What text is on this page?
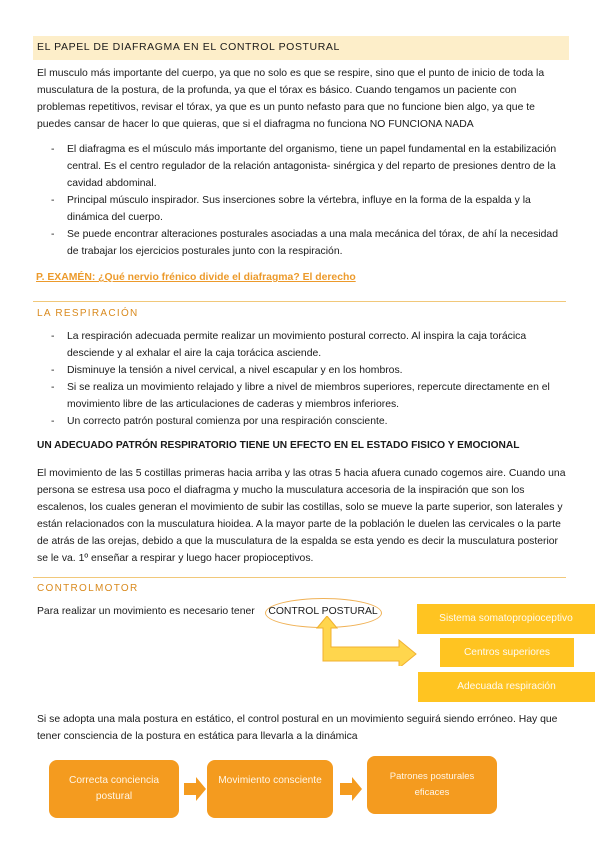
EL PAPEL DE DIAFRAGMA EN EL CONTROL POSTURAL

El musculo más importante del cuerpo, ya que no solo es que se respire, sino que el punto de inicio de toda la musculatura de la postura, de la profunda, ya que el tórax es básico. Cuando tengamos un paciente con problemas repetitivos, revisar el tórax, ya que es un punto nefasto para que no funcione bien algo, ya que te puedes cansar de hacer lo que quieras, que si el diafragma no funciona NO FUNCIONA NADA

- El diafragma es el músculo más importante del organismo, tiene un papel fundamental en la estabilización central. Es el centro regulador de la relación antagonista- sinérgica y del reparto de presiones dentro de la cavidad abdominal.
- Principal músculo inspirador. Sus inserciones sobre la vértebra, influye en la forma de la espalda y la dinámica del cuerpo.
- Se puede encontrar alteraciones posturales asociadas a una mala mecánica del tórax, de ahí la necesidad de trabajar los ejercicios posturales junto con la respiración.
P. EXAMÉN: ¿Qué nervio frénico divide el diafragma? El derecho
LA RESPIRACIÓN
- La respiración adecuada permite realizar un movimiento postural correcto. Al inspira la caja torácica desciende y al exhalar el aire la caja torácica asciende.
- Disminuye la tensión a nivel cervical, a nivel escapular y en los hombros.
- Si se realiza un movimiento relajado y libre a nivel de miembros superiores, repercute directamente en el movimiento libre de las articulaciones de caderas y miembros inferiores.
- Un correcto patrón postural comienza por una respiración consciente.
UN ADECUADO PATRÓN RESPIRATORIO TIENE UN EFECTO EN EL ESTADO FISICO Y EMOCIONAL

El movimiento de las 5 costillas primeras hacia arriba y las otras 5 hacia afuera cunado cogemos aire. Cuando una persona se estresa usa poco el diafragma y mucho la musculatura accesoria de la inspiración que son los escalenos, los cuales generan el movimiento de subir las costillas, solo se mueve la parte superior, son laterales y están relacionados con la musculatura hioidea. A la mayor parte de la población le duelen las cervicales o la parte de atrás de las orejas, debido a que la musculatura de la espalda se esta yendo es decir la musculatura posterior se le va. 1º enseñar a respirar y luego hacer propioceptivos.

CONTROLMOTOR
Para realizar un movimiento es necesario tener CONTROL POSTURAL
Sistema somatopropioceptivo
Centros superiores
Adecuada respiración

Si se adopta una mala postura en estático, el control postural en un movimiento seguirá siendo erróneo. Hay que tener consciencia de la postura en estática para llevarla a la dinámica

Correcta conciencia postural
Movimiento consciente	Patrones posturales eficaces
